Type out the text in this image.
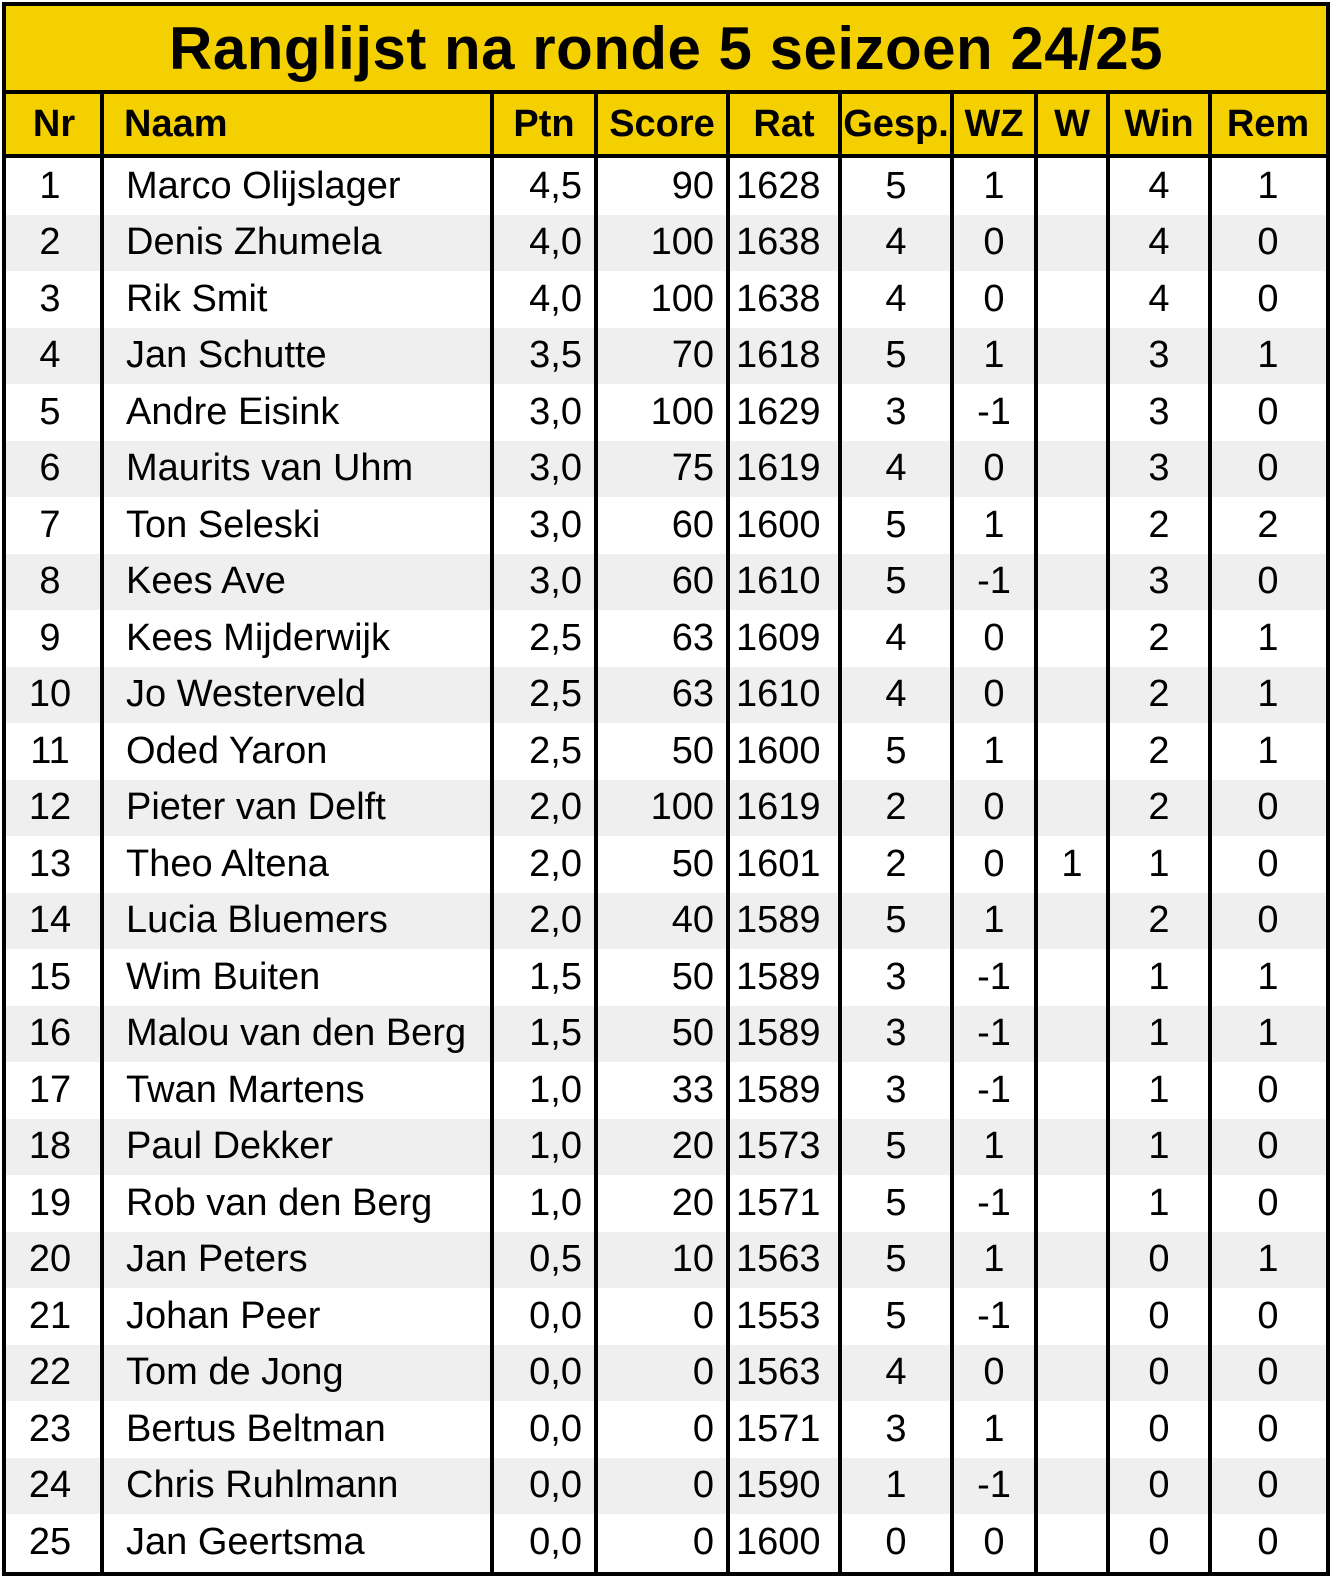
Ranglijst na ronde 5 seizoen 24/25
Nr	Naam	Ptn	Score	Rat	Gesp.	WZ	W	Win	Rem
1	Marco Olijslager	4,5	90	1628	5	1		4	1
2	Denis Zhumela	4,0	100	1638	4	0		4	0
3	Rik Smit	4,0	100	1638	4	0		4	0
4	Jan Schutte	3,5	70	1618	5	1		3	1
5	Andre Eisink	3,0	100	1629	3	-1		3	0
6	Maurits van Uhm	3,0	75	1619	4	0		3	0
7	Ton Seleski	3,0	60	1600	5	1		2	2
8	Kees Ave	3,0	60	1610	5	-1		3	0
9	Kees Mijderwijk	2,5	63	1609	4	0		2	1
10	Jo Westerveld	2,5	63	1610	4	0		2	1
11	Oded Yaron	2,5	50	1600	5	1		2	1
12	Pieter van Delft	2,0	100	1619	2	0		2	0
13	Theo Altena	2,0	50	1601	2	0	1	1	0
14	Lucia Bluemers	2,0	40	1589	5	1		2	0
15	Wim Buiten	1,5	50	1589	3	-1		1	1
16	Malou van den Berg	1,5	50	1589	3	-1		1	1
17	Twan Martens	1,0	33	1589	3	-1		1	0
18	Paul Dekker	1,0	20	1573	5	1		1	0
19	Rob van den Berg	1,0	20	1571	5	-1		1	0
20	Jan Peters	0,5	10	1563	5	1		0	1
21	Johan Peer	0,0	0	1553	5	-1		0	0
22	Tom de Jong	0,0	0	1563	4	0		0	0
23	Bertus Beltman	0,0	0	1571	3	1		0	0
24	Chris Ruhlmann	0,0	0	1590	1	-1		0	0
25	Jan Geertsma	0,0	0	1600	0	0		0	0
